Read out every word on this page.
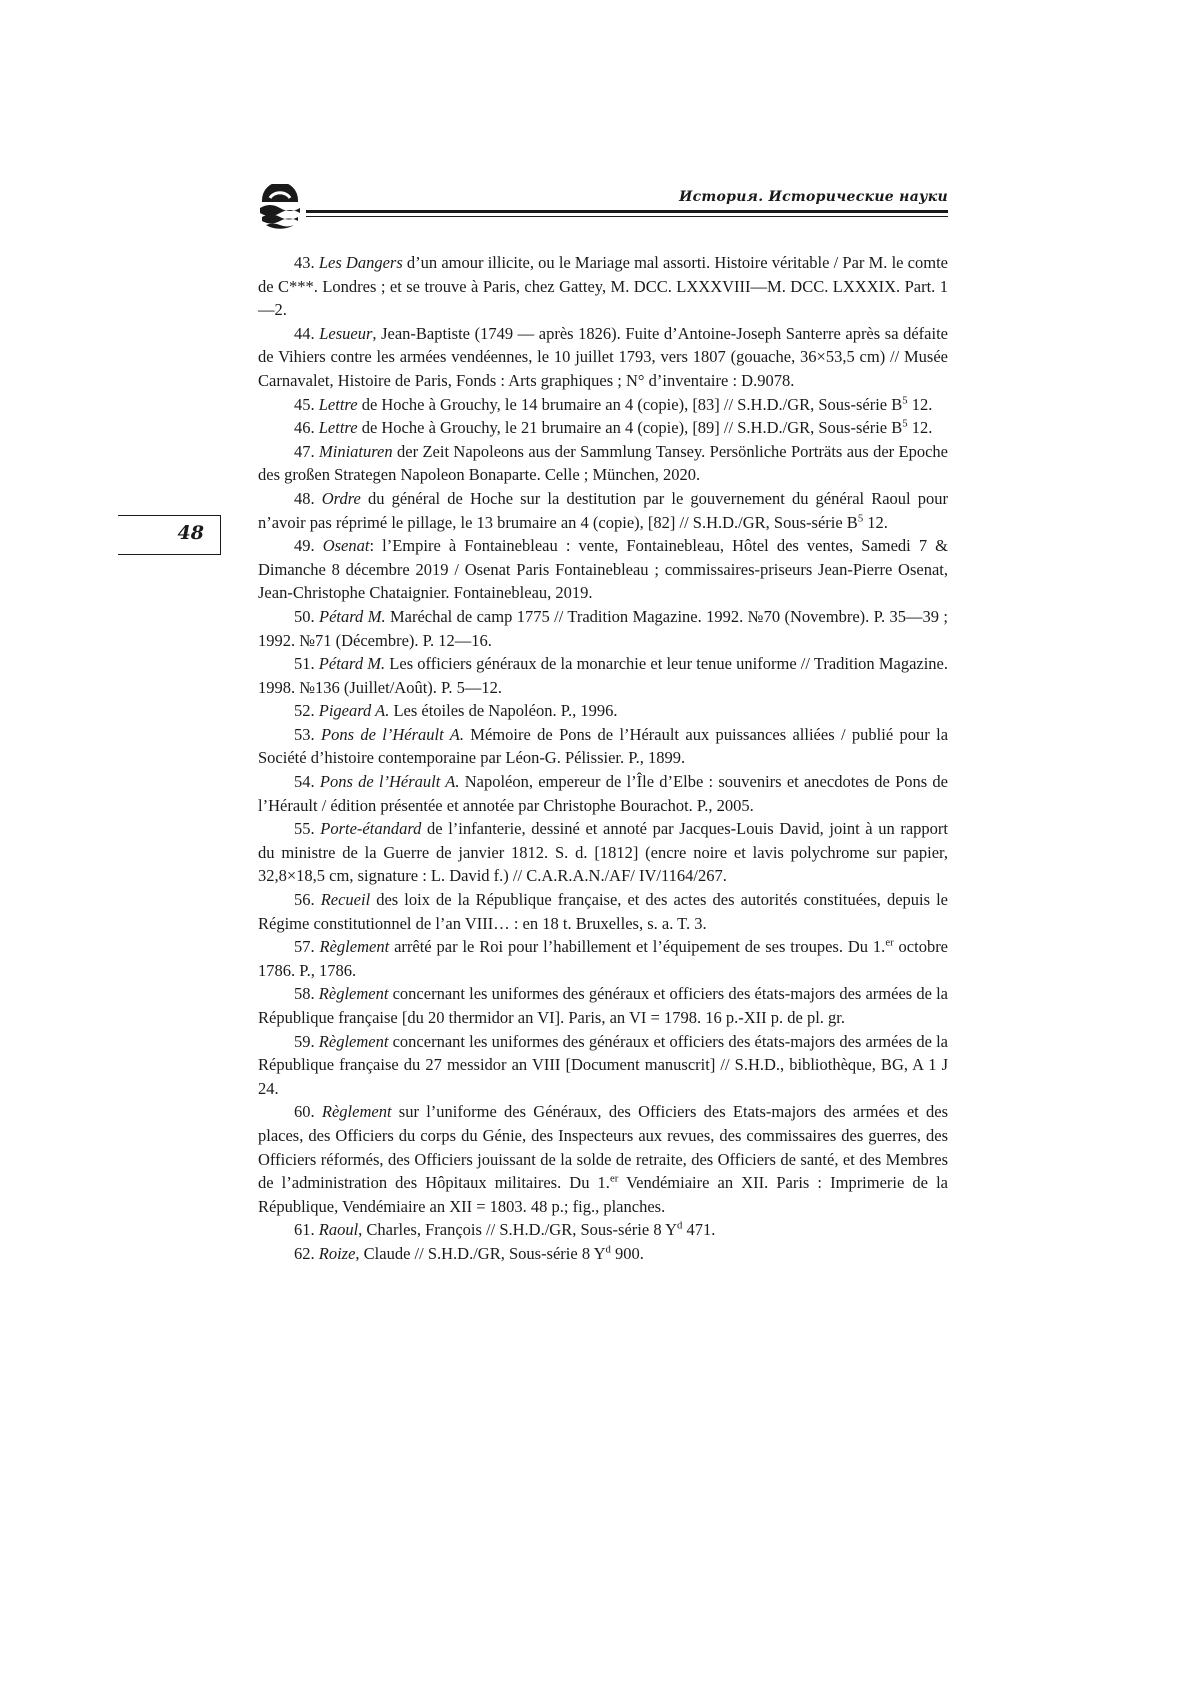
История. Исторические науки
48

43. Les Dangers d’un amour illicite, ou le Mariage mal assorti. Histoire véritable / Par M. le comte de C***. Londres ; et se trouve à Paris, chez Gattey, M. DCC. LXXXVIII—M. DCC. LXXXIX. Part. 1—2.

44. Lesueur, Jean-Baptiste (1749 — après 1826). Fuite d’Antoine-Joseph Santerre après sa défaite de Vihiers contre les armées vendéennes, le 10 juillet 1793, vers 1807 (gouache, 36×53,5 cm) // Musée Carnavalet, Histoire de Paris, Fonds : Arts graphiques ; N° d’inventaire : D.9078.

45. Lettre de Hoche à Grouchy, le 14 brumaire an 4 (copie), [83] // S.H.D./GR, Sous-série $B^5$ 12.

46. Lettre de Hoche à Grouchy, le 21 brumaire an 4 (copie), [89] // S.H.D./GR, Sous-série $B^5$ 12.

47. Miniaturen der Zeit Napoleons aus der Sammlung Tansey. Persönliche Porträts aus der Epoche des großen Strategen Napoleon Bonaparte. Celle ; München, 2020.

48. Ordre du général de Hoche sur la destitution par le gouvernement du général Raoul pour n’avoir pas réprimé le pillage, le 13 brumaire an 4 (copie), [82] // S.H.D./GR, Sous-série $B^5$ 12.

49. Osenat: l’Empire à Fontainebleau : vente, Fontainebleau, Hôtel des ventes, Samedi 7 & Dimanche 8 décembre 2019 / Osenat Paris Fontainebleau ; commissaires-priseurs Jean-Pierre Osenat, Jean-Christophe Chataignier. Fontainebleau, 2019.

50. Pétard M. Maréchal de camp 1775 // Tradition Magazine. 1992. №70 (Novembre). P. 35—39 ; 1992. №71 (Décembre). P. 12—16.

51. Pétard M. Les officiers généraux de la monarchie et leur tenue uniforme // Tradition Magazine. 1998. №136 (Juillet/Août). P. 5—12.

52. Pigeard A. Les étoiles de Napoléon. P., 1996.

53. Pons de l’Hérault A. Mémoire de Pons de l’Hérault aux puissances alliées / publié pour la Société d’histoire contemporaine par Léon-G. Pélissier. P., 1899.

54. Pons de l’Hérault A. Napoléon, empereur de l’Île d’Elbe : souvenirs et anecdotes de Pons de l’Hérault / édition présentée et annotée par Christophe Bourachot. P., 2005.

55. Porte-étandard de l’infanterie, dessiné et annoté par Jacques-Louis David, joint à un rapport du ministre de la Guerre de janvier 1812. S. d. [1812] (encre noire et lavis polychrome sur papier, 32,8×18,5 cm, signature : L. David f.) // C.A.R.A.N./AF/ IV/1164/267.

56. Recueil des loix de la République française, et des actes des autorités constituées, depuis le Régime constitutionnel de l’an VIII… : en 18 t. Bruxelles, s. a. T. 3.

57. Règlement arrêté par le Roi pour l’habillement et l’équipement de ses troupes. Du 1.$^{er}$ octobre 1786. P., 1786.

58. Règlement concernant les uniformes des généraux et officiers des états-majors des armées de la République française [du 20 thermidor an VI]. Paris, an VI = 1798. 16 p.-XII p. de pl. gr.

59. Règlement concernant les uniformes des généraux et officiers des états-majors des armées de la République française du 27 messidor an VIII [Document manuscrit] // S.H.D., bibliothèque, BG, A 1 J 24.

60. Règlement sur l’uniforme des Généraux, des Officiers des Etats-majors des armées et des places, des Officiers du corps du Génie, des Inspecteurs aux revues, des commissaires des guerres, des Officiers réformés, des Officiers jouissant de la solde de retraite, des Officiers de santé, et des Membres de l’administration des Hôpitaux militaires. Du 1.$^{er}$ Vendémiaire an XII. Paris : Imprimerie de la République, Vendémiaire an XII = 1803. 48 p.; fig., planches.

61. Raoul, Charles, François // S.H.D./GR, Sous-série 8 $Y^d$ 471.

62. Roize, Claude // S.H.D./GR, Sous-série 8 $Y^d$ 900.
